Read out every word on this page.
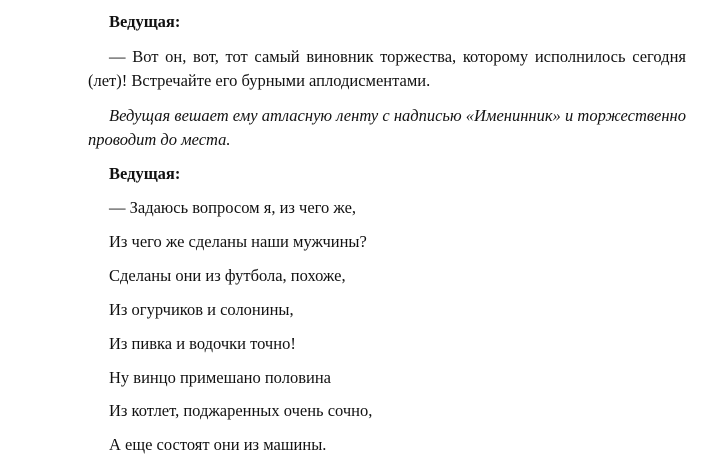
Ведущая:

— Вот он, вот, тот самый виновник торжества, которому исполнилось сегодня (лет)! Встречайте его бурными аплодисментами.

Ведущая вешает ему атласную ленту с надписью «Именинник» и торжественно проводит до места.

Ведущая:

— Задаюсь вопросом я, из чего же,

Из чего же сделаны наши мужчины?

Сделаны они из футбола, похоже,

Из огурчиков и солонины,

Из пивка и водочки точно!

Ну винцо примешано половина

Из котлет, поджаренных очень сочно,

А еще состоят они из машины.
